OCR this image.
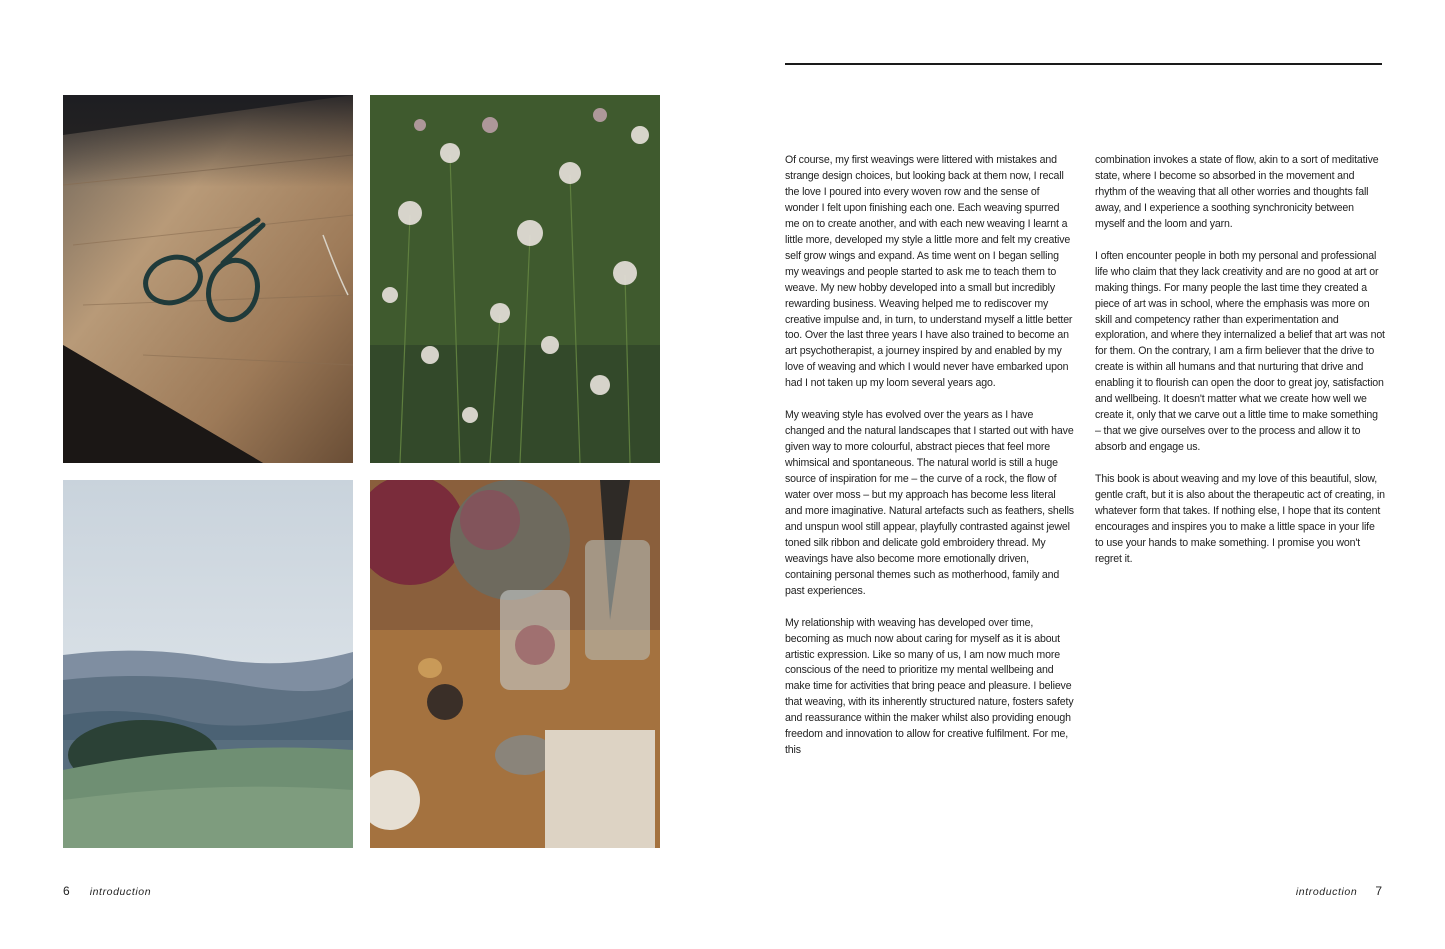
Of course, my first weavings were littered with mistakes and strange design choices, but looking back at them now, I recall the love I poured into every woven row and the sense of wonder I felt upon finishing each one. Each weaving spurred me on to create another, and with each new weaving I learnt a little more, developed my style a little more and felt my creative self grow wings and expand. As time went on I began selling my weavings and people started to ask me to teach them to weave. My new hobby developed into a small but incredibly rewarding business. Weaving helped me to rediscover my creative impulse and, in turn, to understand myself a little better too. Over the last three years I have also trained to become an art psychotherapist, a journey inspired by and enabled by my love of weaving and which I would never have embarked upon had I not taken up my loom several years ago.

My weaving style has evolved over the years as I have changed and the natural landscapes that I started out with have given way to more colourful, abstract pieces that feel more whimsical and spontaneous. The natural world is still a huge source of inspiration for me – the curve of a rock, the flow of water over moss – but my approach has become less literal and more imaginative. Natural artefacts such as feathers, shells and unspun wool still appear, playfully contrasted against jewel toned silk ribbon and delicate gold embroidery thread. My weavings have also become more emotionally driven, containing personal themes such as motherhood, family and past experiences.

My relationship with weaving has developed over time, becoming as much now about caring for myself as it is about artistic expression. Like so many of us, I am now much more conscious of the need to prioritize my mental wellbeing and make time for activities that bring peace and pleasure. I believe that weaving, with its inherently structured nature, fosters safety and reassurance within the maker whilst also providing enough freedom and innovation to allow for creative fulfilment. For me, this

combination invokes a state of flow, akin to a sort of meditative state, where I become so absorbed in the movement and rhythm of the weaving that all other worries and thoughts fall away, and I experience a soothing synchronicity between myself and the loom and yarn.

I often encounter people in both my personal and professional life who claim that they lack creativity and are no good at art or making things. For many people the last time they created a piece of art was in school, where the emphasis was more on skill and competency rather than experimentation and exploration, and where they internalized a belief that art was not for them. On the contrary, I am a firm believer that the drive to create is within all humans and that nurturing that drive and enabling it to flourish can open the door to great joy, satisfaction and wellbeing. It doesn't matter what we create how well we create it, only that we carve out a little time to make something – that we give ourselves over to the process and allow it to absorb and engage us.

This book is about weaving and my love of this beautiful, slow, gentle craft, but it is also about the therapeutic act of creating, in whatever form that takes. If nothing else, I hope that its content encourages and inspires you to make a little space in your life to use your hands to make something. I promise you won't regret it.

6 introduction	introduction 7
